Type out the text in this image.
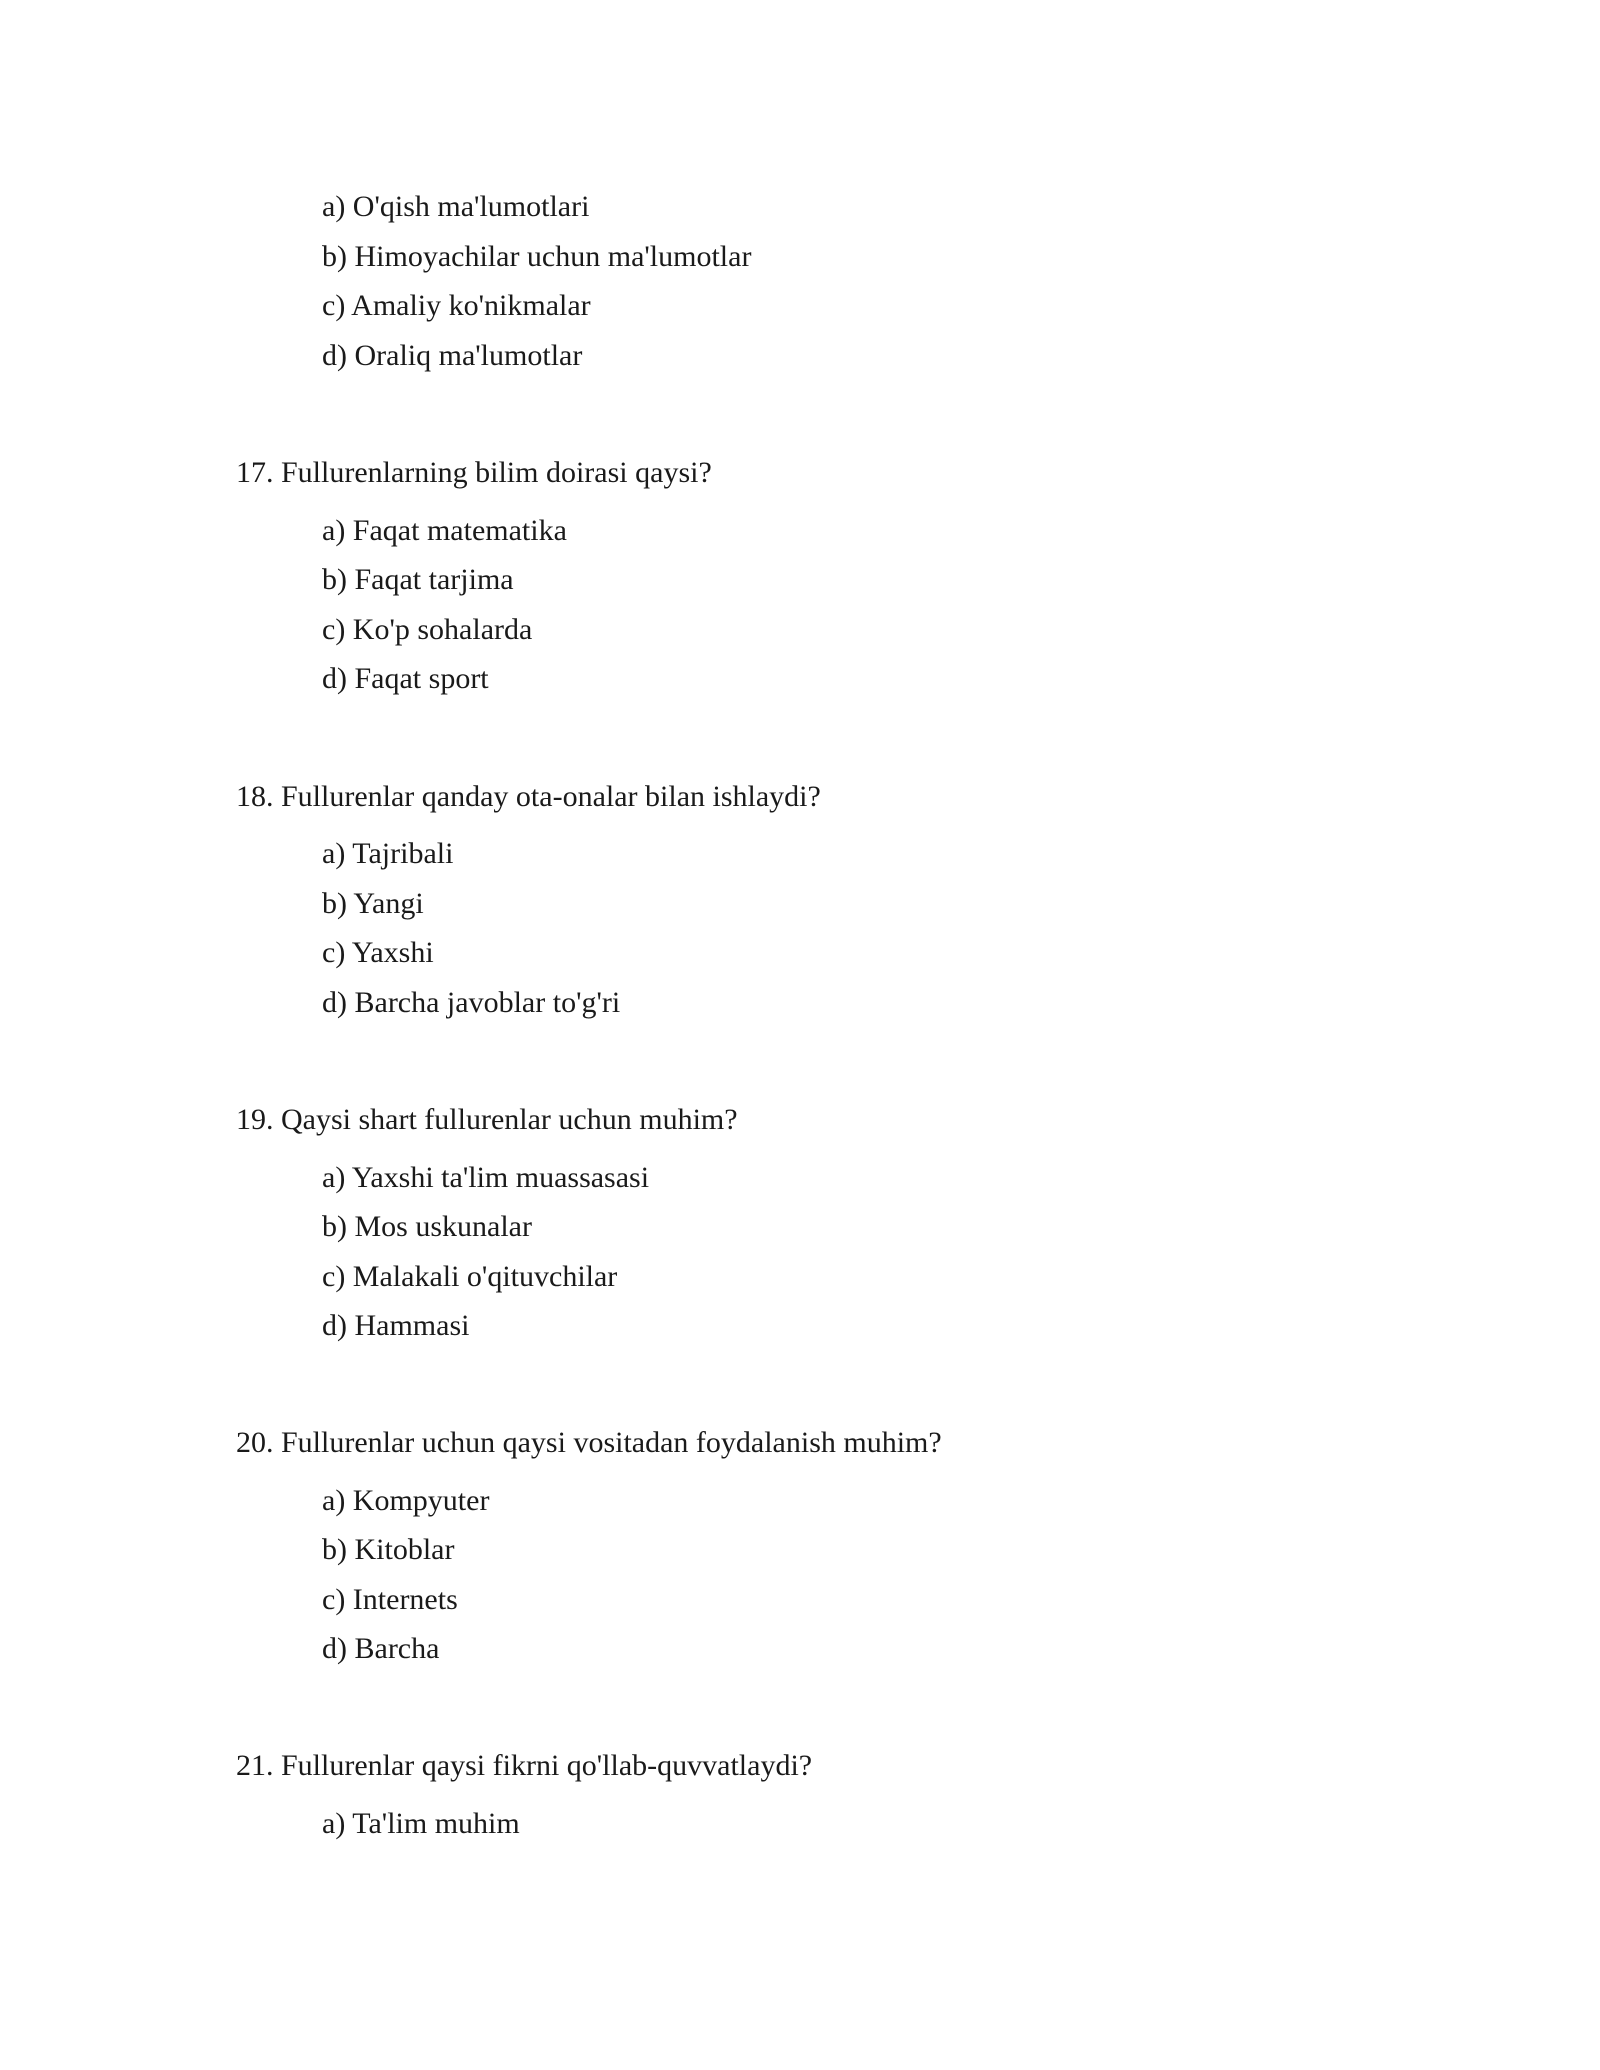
a) O'qish ma'lumotlari
b) Himoyachilar uchun ma'lumotlar
c) Amaliy ko'nikmalar
d) Oraliq ma'lumotlar
17. Fullurenlarning bilim doirasi qaysi?
a) Faqat matematika
b) Faqat tarjima
c) Ko'p sohalarda
d) Faqat sport
18. Fullurenlar qanday ota-onalar bilan ishlaydi?
a) Tajribali
b) Yangi
c) Yaxshi
d) Barcha javoblar to'g'ri
19. Qaysi shart fullurenlar uchun muhim?
a) Yaxshi ta'lim muassasasi
b) Mos uskunalar
c) Malakali o'qituvchilar
d) Hammasi
20. Fullurenlar uchun qaysi vositadan foydalanish muhim?
a) Kompyuter
b) Kitoblar
c) Internets
d) Barcha
21. Fullurenlar qaysi fikrni qo'llab-quvvatlaydi?
a) Ta'lim muhim
